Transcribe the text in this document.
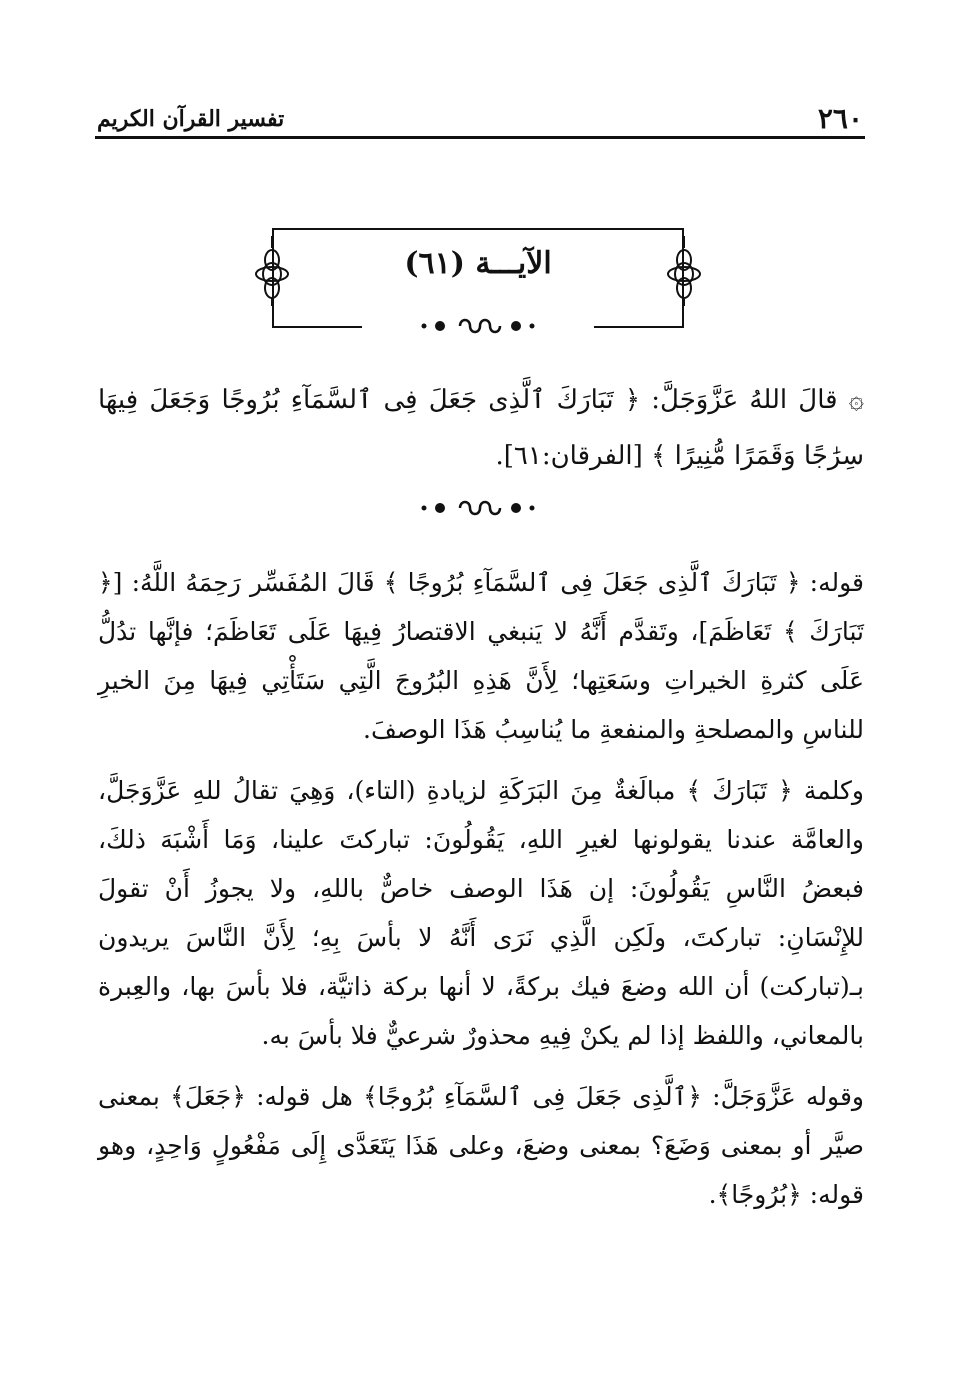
٢٦٠
تفسير القرآن الكريم
الآيـــة (٦١)

۞ قالَ اللهُ عَزَّوَجَلَّ: ﴿ تَبَارَكَ ٱلَّذِى جَعَلَ فِى ٱلسَّمَآءِ بُرُوجًا وَجَعَلَ فِيهَا سِرَٰجًا وَقَمَرًا مُّنِيرًا ﴾ [الفرقان:٦١].

قوله: ﴿ تَبَارَكَ ٱلَّذِى جَعَلَ فِى ٱلسَّمَآءِ بُرُوجًا ﴾ قَالَ المُفَسِّر رَحِمَهُ اللَّهُ: [﴿ تَبَارَكَ ﴾ تَعَاظَمَ]، وتَقدَّم أَنَّهُ لا يَنبغي الاقتصارُ فِيهَا عَلَى تَعَاظَمَ؛ فإنَّها تدُلُّ عَلَى كثرةِ الخيراتِ وسَعَتِها؛ لِأَنَّ هَذِهِ البُرُوجَ الَّتِي سَتَأْتِي فِيهَا مِنَ الخيرِ للناسِ والمصلحةِ والمنفعةِ ما يُناسِبُ هَذَا الوصفَ.

وكلمة ﴿ تَبَارَكَ ﴾ مبالَغةٌ مِنَ البَرَكَةِ لزيادةِ (التاء)، وَهِيَ تقالُ للهِ عَزَّوَجَلَّ، والعامَّة عندنا يقولونها لغيرِ اللهِ، يَقُولُونَ: تباركتَ علينا، وَمَا أَشْبَهَ ذلكَ، فبعضُ النَّاسِ يَقُولُونَ: إن هَذَا الوصف خاصٌّ باللهِ، ولا يجوزُ أَنْ تقولَ للإِنْسَانِ: تباركتَ، ولَكِن الَّذِي نَرَى أَنَّهُ لا بأسَ بِهِ؛ لِأَنَّ النَّاسَ يريدون بـ(تباركت) أن الله وضعَ فيك بركةً، لا أنها بركة ذاتيَّة، فلا بأسَ بها، والعِبرة بالمعاني، واللفظ إذا لم يكنْ فِيهِ محذورٌ شرعيٌّ فلا بأسَ به.

وقوله عَزَّوَجَلَّ: ﴿ٱلَّذِى جَعَلَ فِى ٱلسَّمَآءِ بُرُوجًا﴾ هل قوله: ﴿جَعَلَ﴾ بمعنى صيَّر أو بمعنى وَضَعَ؟ بمعنى وضعَ، وعلى هَذَا يَتَعَدَّى إِلَى مَفْعُولٍ وَاحِدٍ، وهو قوله: ﴿بُرُوجًا﴾.
